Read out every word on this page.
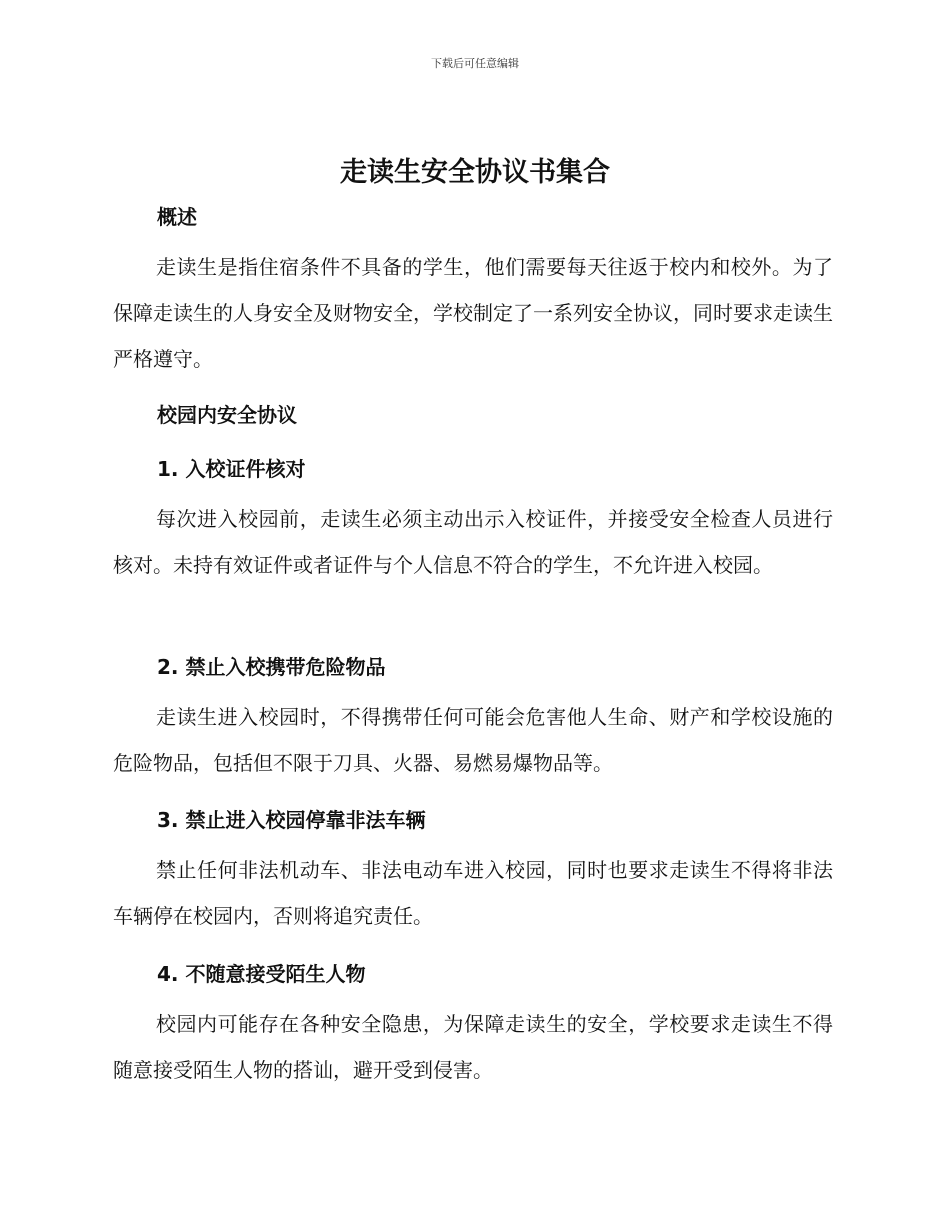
下载后可任意编辑
走读生安全协议书集合
概述

走读生是指住宿条件不具备的学生，他们需要每天往返于校内和校外。为了保障走读生的人身安全及财物安全，学校制定了一系列安全协议，同时要求走读生严格遵守。

校园内安全协议
1. 入校证件核对

每次进入校园前，走读生必须主动出示入校证件，并接受安全检查人员进行核对。未持有效证件或者证件与个人信息不符合的学生，不允许进入校园。

2. 禁止入校携带危险物品

走读生进入校园时，不得携带任何可能会危害他人生命、财产和学校设施的危险物品，包括但不限于刀具、火器、易燃易爆物品等。

3. 禁止进入校园停靠非法车辆

禁止任何非法机动车、非法电动车进入校园，同时也要求走读生不得将非法车辆停在校园内，否则将追究责任。

4. 不随意接受陌生人物

校园内可能存在各种安全隐患，为保障走读生的安全，学校要求走读生不得随意接受陌生人物的搭讪，避开受到侵害。
